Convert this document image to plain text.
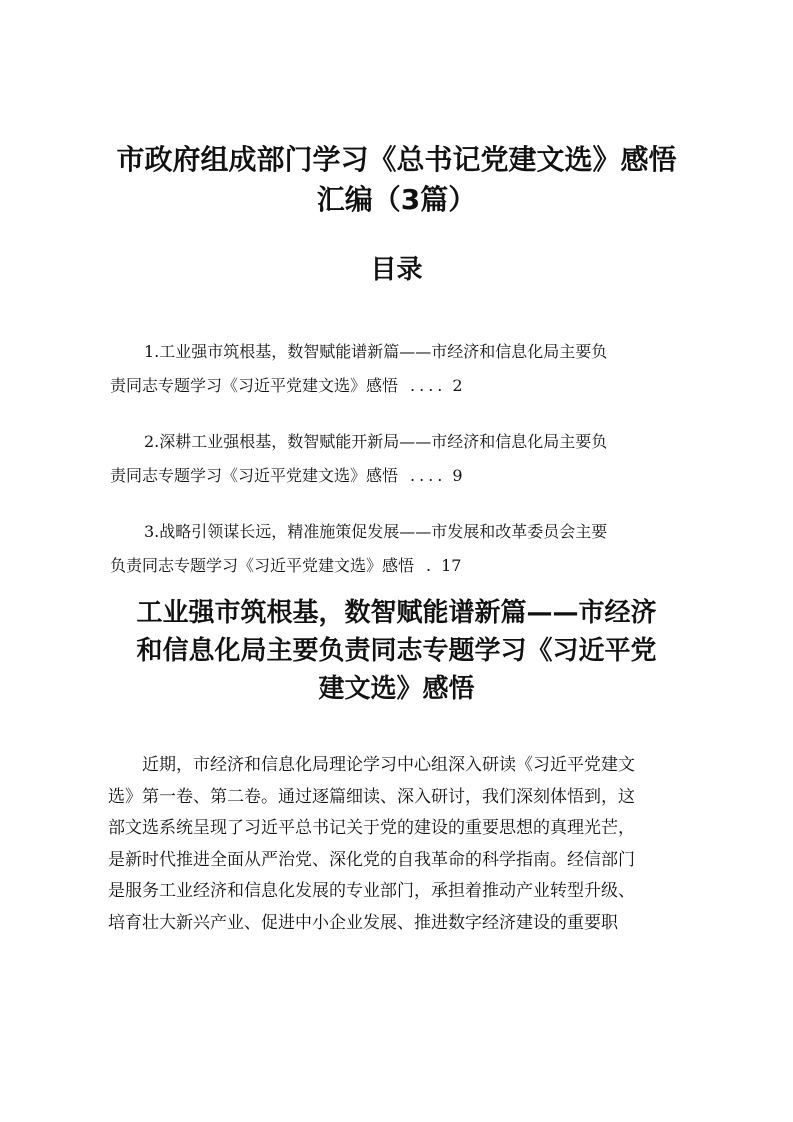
市政府组成部门学习《总书记党建文选》感悟
汇编（3篇）
目录
1.工业强市筑根基，数智赋能谱新篇——市经济和信息化局主要负
责同志专题学习《习近平党建文选》感悟 .... 2
2.深耕工业强根基，数智赋能开新局——市经济和信息化局主要负
责同志专题学习《习近平党建文选》感悟 .... 9
3.战略引领谋长远，精准施策促发展——市发展和改革委员会主要
负责同志专题学习《习近平党建文选》感悟 . 17
工业强市筑根基，数智赋能谱新篇——市经济
和信息化局主要负责同志专题学习《习近平党
建文选》感悟
近期，市经济和信息化局理论学习中心组深入研读《习近平党建文
选》第一卷、第二卷。通过逐篇细读、深入研讨，我们深刻体悟到，这
部文选系统呈现了习近平总书记关于党的建设的重要思想的真理光芒，
是新时代推进全面从严治党、深化党的自我革命的科学指南。经信部门
是服务工业经济和信息化发展的专业部门，承担着推动产业转型升级、
培育壮大新兴产业、促进中小企业发展、推进数字经济建设的重要职
